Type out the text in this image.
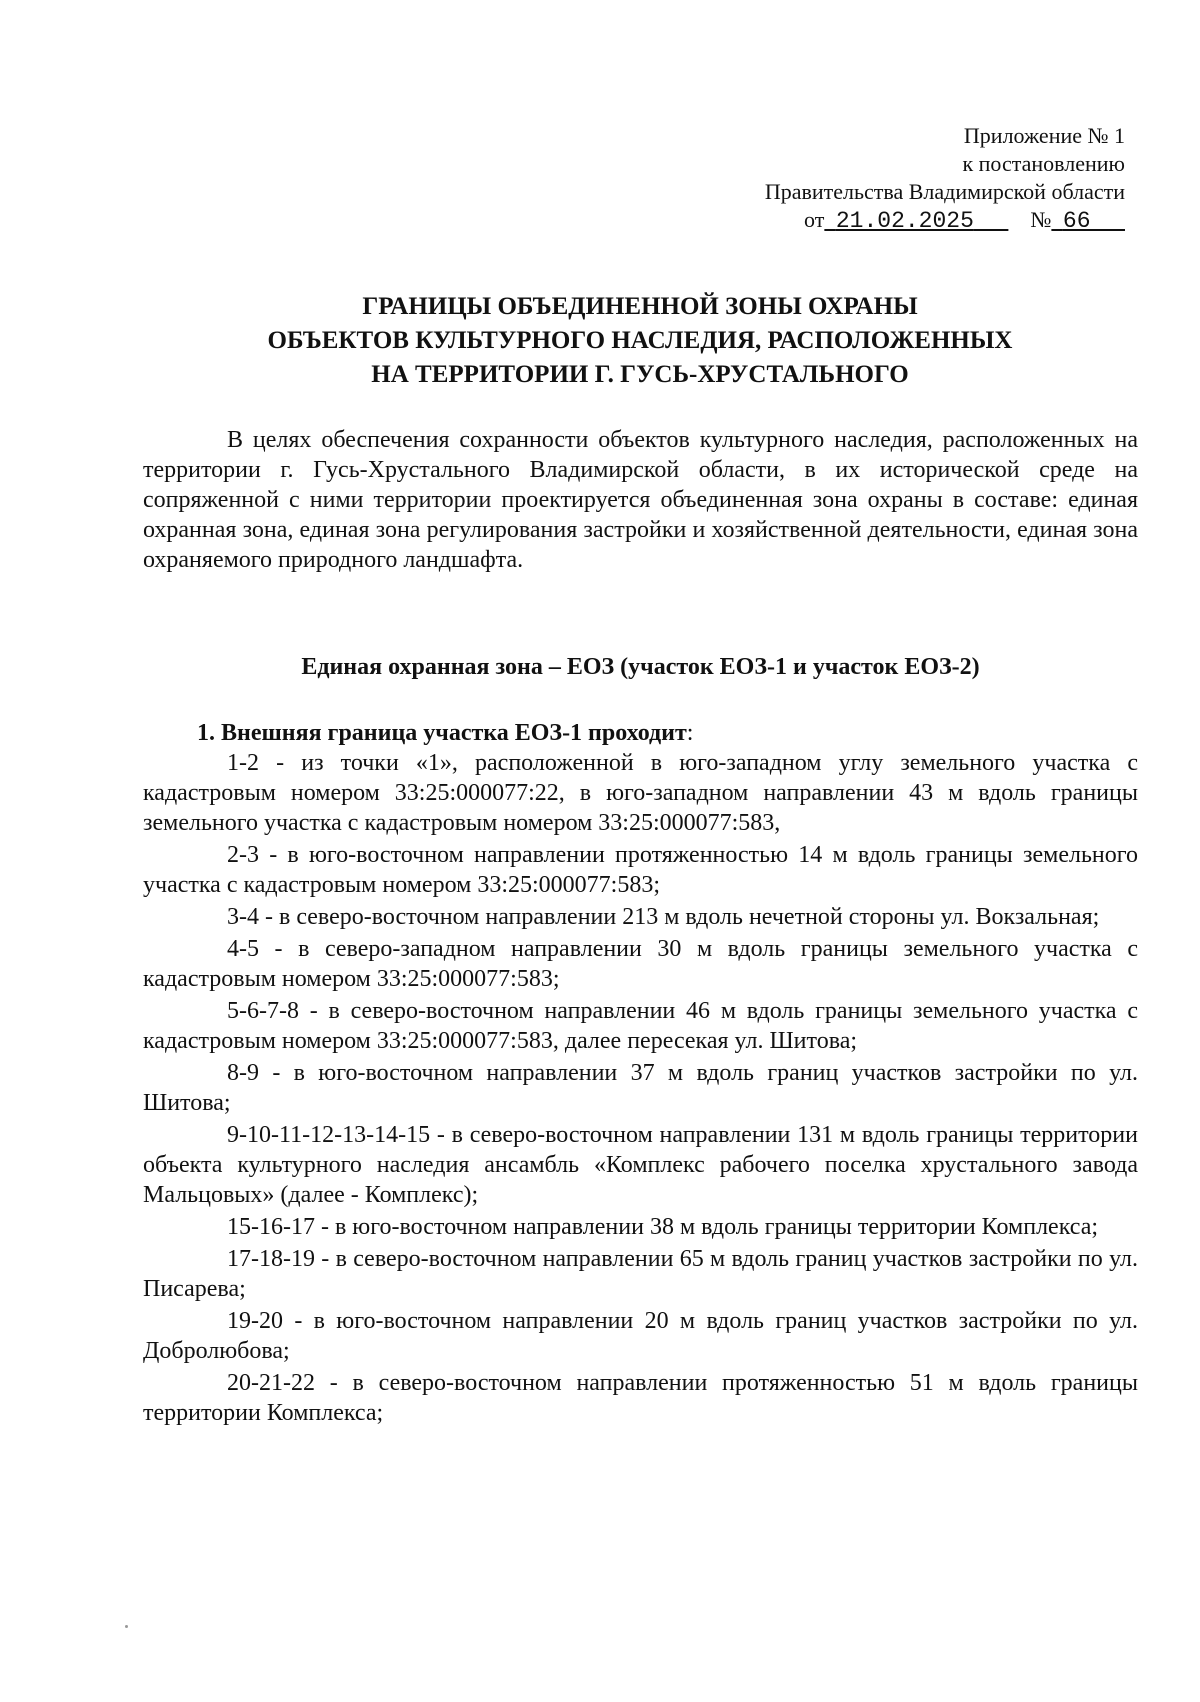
Приложение № 1
к постановлению
Правительства Владимирской области
от  21.02.2025   	№  66  
ГРАНИЦЫ ОБЪЕДИНЕННОЙ ЗОНЫ ОХРАНЫ
ОБЪЕКТОВ КУЛЬТУРНОГО НАСЛЕДИЯ, РАСПОЛОЖЕННЫХ
НА ТЕРРИТОРИИ Г. ГУСЬ-ХРУСТАЛЬНОГО

В целях обеспечения сохранности объектов культурного наследия, расположенных на территории г. Гусь-Хрустального Владимирской области, в их исторической среде на сопряженной с ними территории проектируется объединенная зона охраны в составе: единая охранная зона, единая зона регулирования застройки и хозяйственной деятельности, единая зона охраняемого природного ландшафта.

Единая охранная зона – ЕОЗ (участок ЕОЗ-1 и участок ЕОЗ-2)
1. Внешняя граница участка ЕОЗ-1 проходит:

1-2 - из точки «1», расположенной в юго-западном углу земельного участка с кадастровым номером 33:25:000077:22, в юго-западном направлении 43 м вдоль границы земельного участка с кадастровым номером 33:25:000077:583,

2-3 - в юго-восточном направлении протяженностью 14 м вдоль границы земельного участка с кадастровым номером 33:25:000077:583;

3-4 - в северо-восточном направлении 213 м вдоль нечетной стороны ул. Вокзальная;

4-5 - в северо-западном направлении 30 м вдоль границы земельного участка с кадастровым номером 33:25:000077:583;

5-6-7-8 - в северо-восточном направлении 46 м вдоль границы земельного участка с кадастровым номером 33:25:000077:583, далее пересекая ул. Шитова;

8-9 - в юго-восточном направлении 37 м вдоль границ участков застройки по ул. Шитова;

9-10-11-12-13-14-15 - в северо-восточном направлении 131 м вдоль границы территории объекта культурного наследия ансамбль «Комплекс рабочего поселка хрустального завода Мальцовых» (далее - Комплекс);

15-16-17 - в юго-восточном направлении 38 м вдоль границы территории Комплекса;

17-18-19 - в северо-восточном направлении 65 м вдоль границ участков застройки по ул. Писарева;

19-20 - в юго-восточном направлении 20 м вдоль границ участков застройки по ул. Добролюбова;

20-21-22 - в северо-восточном направлении протяженностью 51 м вдоль границы территории Комплекса;
